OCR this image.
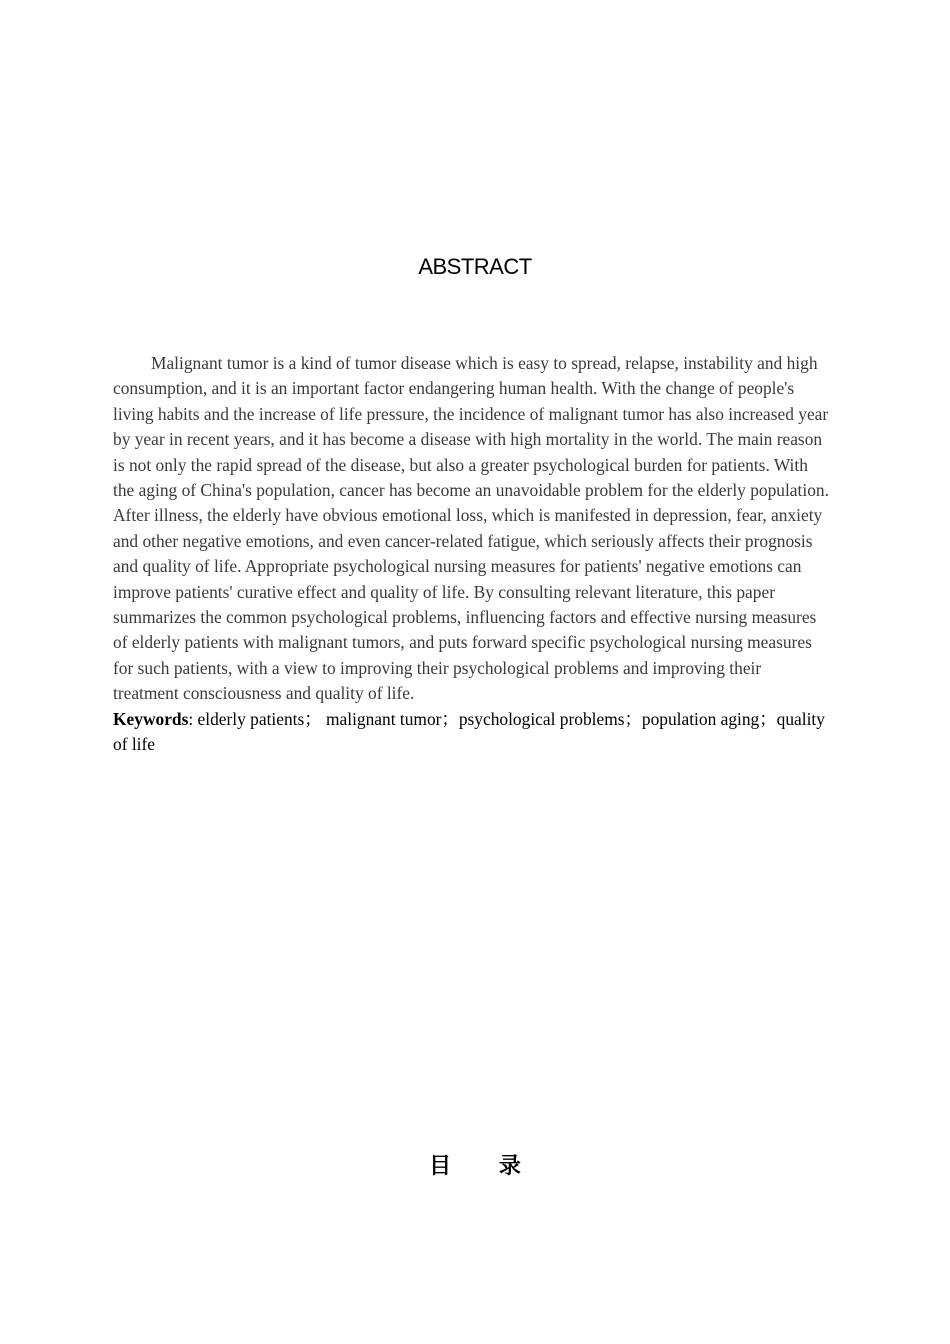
ABSTRACT

Malignant tumor is a kind of tumor disease which is easy to spread, relapse, instability and high consumption, and it is an important factor endangering human health. With the change of people's living habits and the increase of life pressure, the incidence of malignant tumor has also increased year by year in recent years, and it has become a disease with high mortality in the world. The main reason is not only the rapid spread of the disease, but also a greater psychological burden for patients. With the aging of China's population, cancer has become an unavoidable problem for the elderly population. After illness, the elderly have obvious emotional loss, which is manifested in depression, fear, anxiety and other negative emotions, and even cancer-related fatigue, which seriously affects their prognosis and quality of life. Appropriate psychological nursing measures for patients' negative emotions can improve patients' curative effect and quality of life. By consulting relevant literature, this paper summarizes the common psychological problems, influencing factors and effective nursing measures of elderly patients with malignant tumors, and puts forward specific psychological nursing measures for such patients, with a view to improving their psychological problems and improving their treatment consciousness and quality of life.

Keywords: elderly patients； malignant tumor；psychological problems；population aging；quality of life
目 录
